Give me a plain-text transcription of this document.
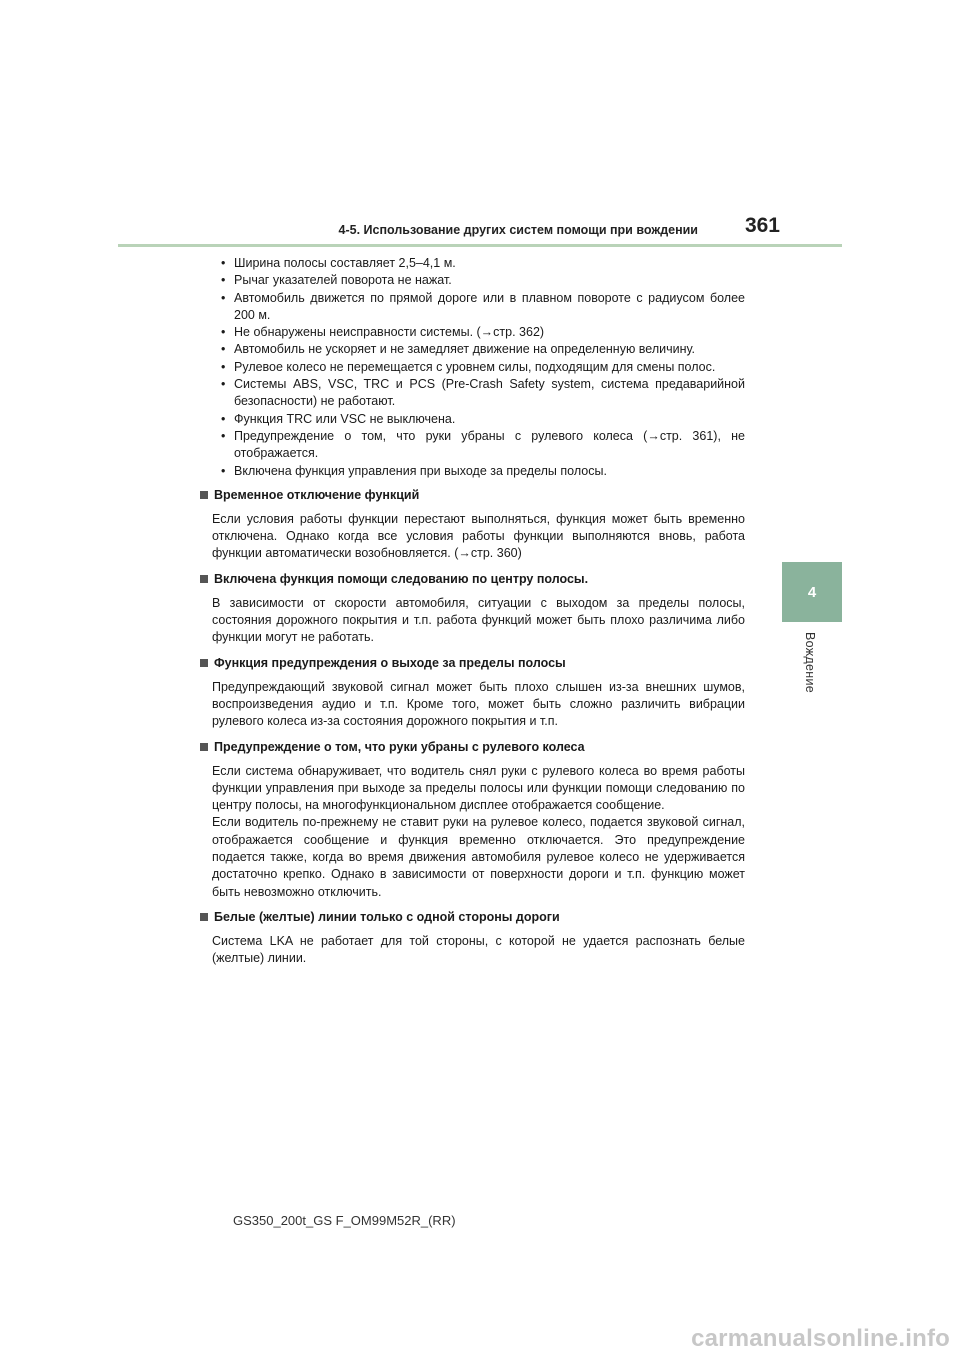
4-5. Использование других систем помощи при вождении 361
4
Вождение
• Ширина полосы составляет 2,5–4,1 м.
• Рычаг указателей поворота не нажат.
• Автомобиль движется по прямой дороге или в плавном повороте с радиусом более 200 м.
• Не обнаружены неисправности системы. (→стр. 362)
• Автомобиль не ускоряет и не замедляет движение на определенную величину.
• Рулевое колесо не перемещается с уровнем силы, подходящим для смены полос.
• Системы ABS, VSC, TRC и PCS (Pre-Crash Safety system, система предаварийной безопасности) не работают.
• Функция TRC или VSC не выключена.
• Предупреждение о том, что руки убраны с рулевого колеса (→стр. 361), не отображается.
• Включена функция управления при выходе за пределы полосы.
Временное отключение функций

Если условия работы функции перестают выполняться, функция может быть временно отключена. Однако когда все условия работы функции выполняются вновь, работа функции автоматически возобновляется. (→стр. 360)

Включена функция помощи следованию по центру полосы.

В зависимости от скорости автомобиля, ситуации с выходом за пределы полосы, состояния дорожного покрытия и т.п. работа функций может быть плохо различима либо функции могут не работать.

Функция предупреждения о выходе за пределы полосы

Предупреждающий звуковой сигнал может быть плохо слышен из-за внешних шумов, воспроизведения аудио и т.п. Кроме того, может быть сложно различить вибрации рулевого колеса из-за состояния дорожного покрытия и т.п.

Предупреждение о том, что руки убраны с рулевого колеса

Если система обнаруживает, что водитель снял руки с рулевого колеса во время работы функции управления при выходе за пределы полосы или функции помощи следованию по центру полосы, на многофункциональном дисплее отображается сообщение.

Если водитель по-прежнему не ставит руки на рулевое колесо, подается звуковой сигнал, отображается сообщение и функция временно отключается. Это предупреждение подается также, когда во время движения автомобиля рулевое колесо не удерживается достаточно крепко. Однако в зависимости от поверхности дороги и т.п. функцию может быть невозможно отключить.

Белые (желтые) линии только с одной стороны дороги

Система LKA не работает для той стороны, с которой не удается распознать белые (желтые) линии.

GS350_200t_GS F_OM99M52R_(RR)
carmanualsonline.info
